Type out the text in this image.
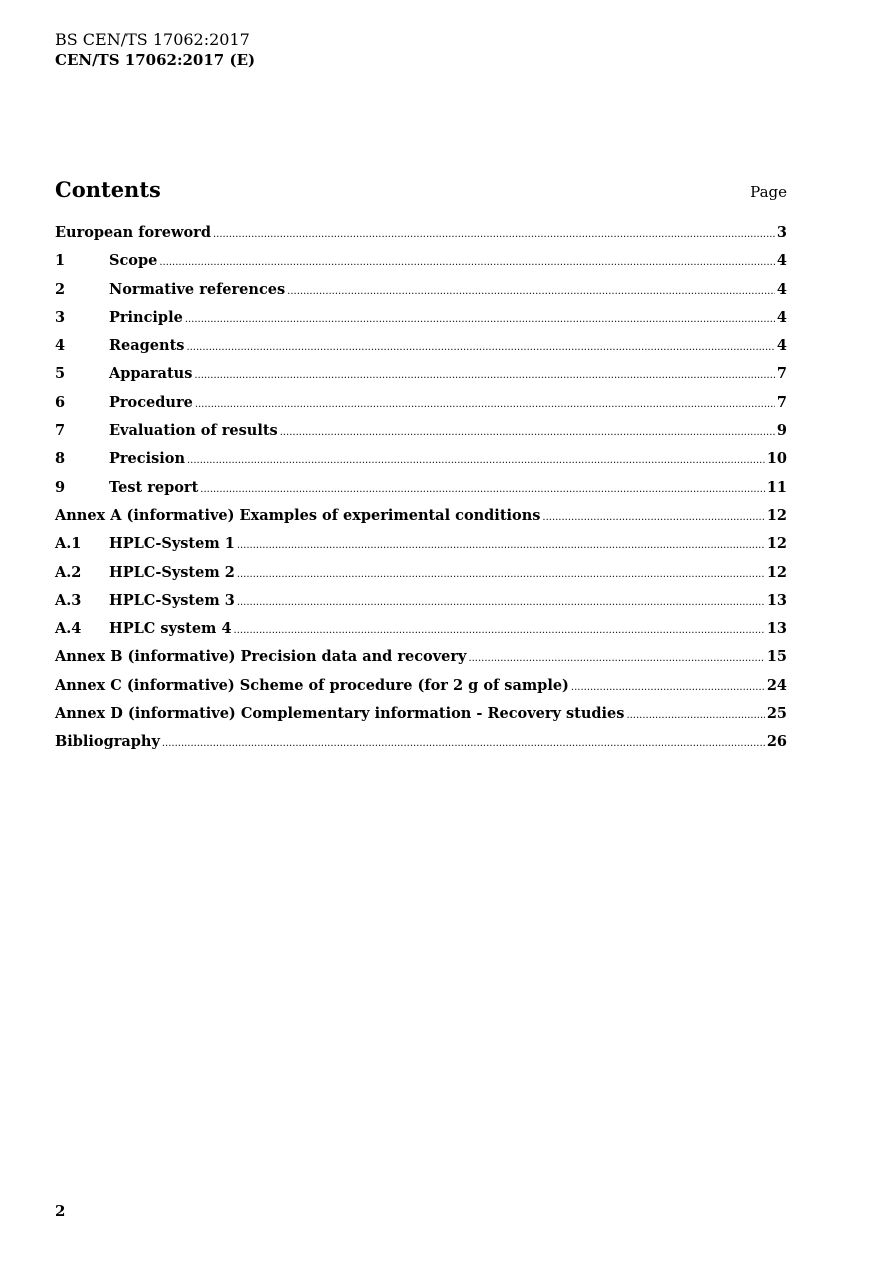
BS CEN/TS 17062:2017
CEN/TS 17062:2017 (E)
Contents	Page
European foreword .....	3
1	Scope .....	4
2	Normative references .....	4
3	Principle .....	4
4	Reagents .....	4
5	Apparatus .....	7
6	Procedure .....	7
7	Evaluation of results .....	9
8	Precision .....	10
9	Test report .....	11
Annex A (informative) Examples of experimental conditions .....	12
A.1	HPLC-System 1 .....	12
A.2	HPLC-System 2 .....	12
A.3	HPLC-System 3 .....	13
A.4	HPLC system 4 .....	13
Annex B (informative) Precision data and recovery .....	15
Annex C (informative) Scheme of procedure (for 2 g of sample) .....	24
Annex D (informative) Complementary information - Recovery studies .....	25
Bibliography .....	26
2
